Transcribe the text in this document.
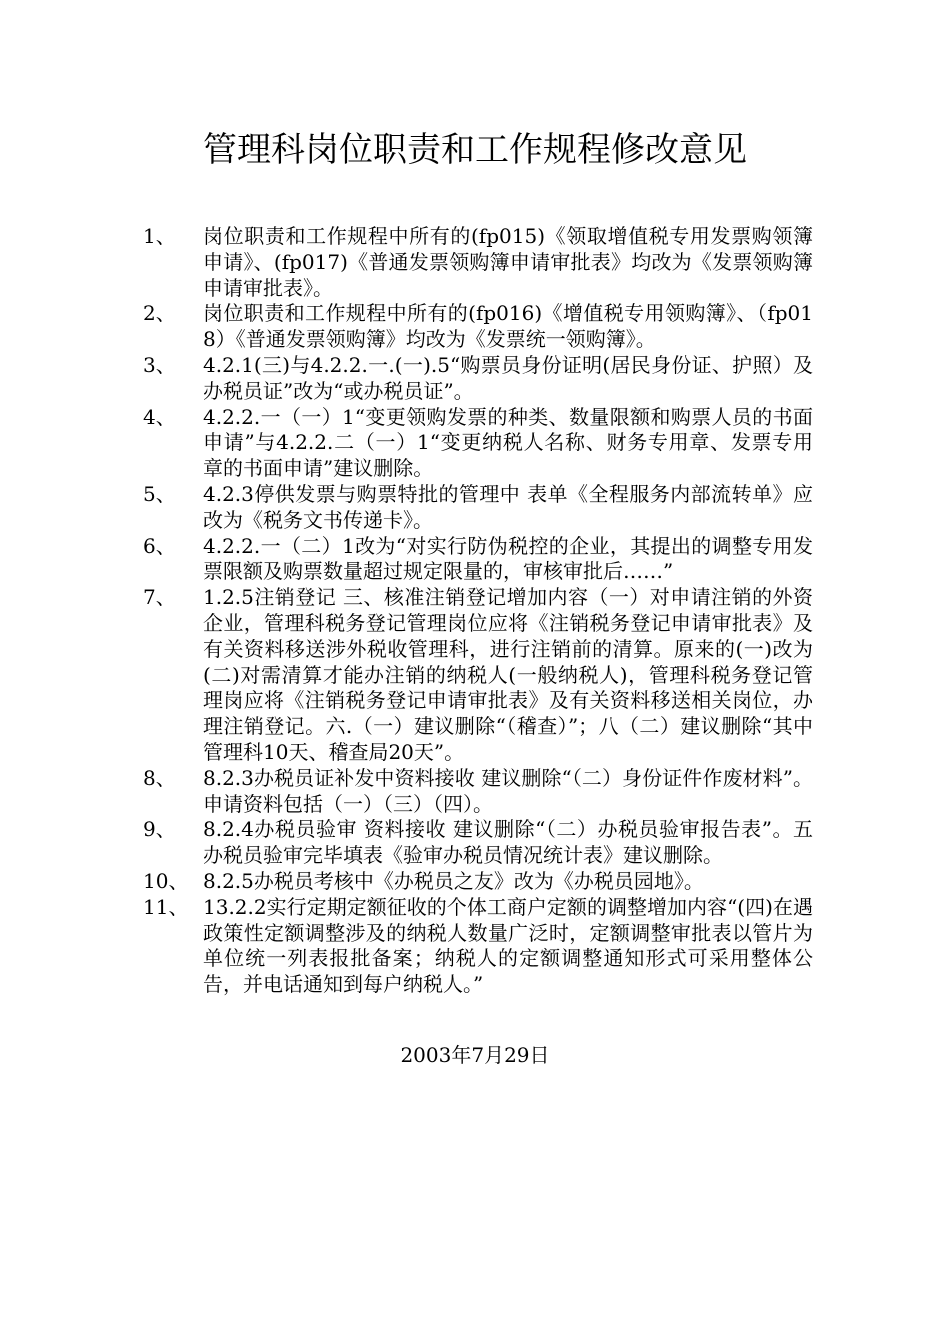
管理科岗位职责和工作规程修改意见
1、	岗位职责和工作规程中所有的(fp015)《领取增值税专用发票购领簿申请》、(fp017)《普通发票领购簿申请审批表》均改为《发票领购簿申请审批表》。
2、	岗位职责和工作规程中所有的(fp016)《增值税专用领购簿》、（fp018）《普通发票领购簿》均改为《发票统一领购簿》。
3、	4.2.1(三)与4.2.2.一.(一).5“购票员身份证明(居民身份证、护照）及办税员证”改为“或办税员证”。
4、	4.2.2.一（一）1“变更领购发票的种类、数量限额和购票人员的书面申请”与4.2.2.二（一）1“变更纳税人名称、财务专用章、发票专用章的书面申请”建议删除。
5、	4.2.3停供发票与购票特批的管理中 表单《全程服务内部流转单》应改为《税务文书传递卡》。
6、	4.2.2.一（二）1改为“对实行防伪税控的企业，其提出的调整专用发票限额及购票数量超过规定限量的，审核审批后……”
7、	1.2.5注销登记 三、核准注销登记增加内容（一）对申请注销的外资企业，管理科税务登记管理岗位应将《注销税务登记申请审批表》及有关资料移送涉外税收管理科，进行注销前的清算。原来的(一)改为(二)对需清算才能办注销的纳税人(一般纳税人)，管理科税务登记管理岗应将《注销税务登记申请审批表》及有关资料移送相关岗位，办理注销登记。六.（一）建议删除“（稽查）”；八（二）建议删除“其中管理科10天、稽查局20天”。
8、	8.2.3办税员证补发中资料接收 建议删除“（二）身份证件作废材料”。申请资料包括（一）（三）（四）。
9、	8.2.4办税员验审 资料接收 建议删除“（二）办税员验审报告表”。五办税员验审完毕填表《验审办税员情况统计表》建议删除。
10、 8.2.5办税员考核中《办税员之友》改为《办税员园地》。
11、 13.2.2实行定期定额征收的个体工商户定额的调整增加内容“(四)在遇政策性定额调整涉及的纳税人数量广泛时，定额调整审批表以管片为单位统一列表报批备案；纳税人的定额调整通知形式可采用整体公告，并电话通知到每户纳税人。”
2003年7月29日
